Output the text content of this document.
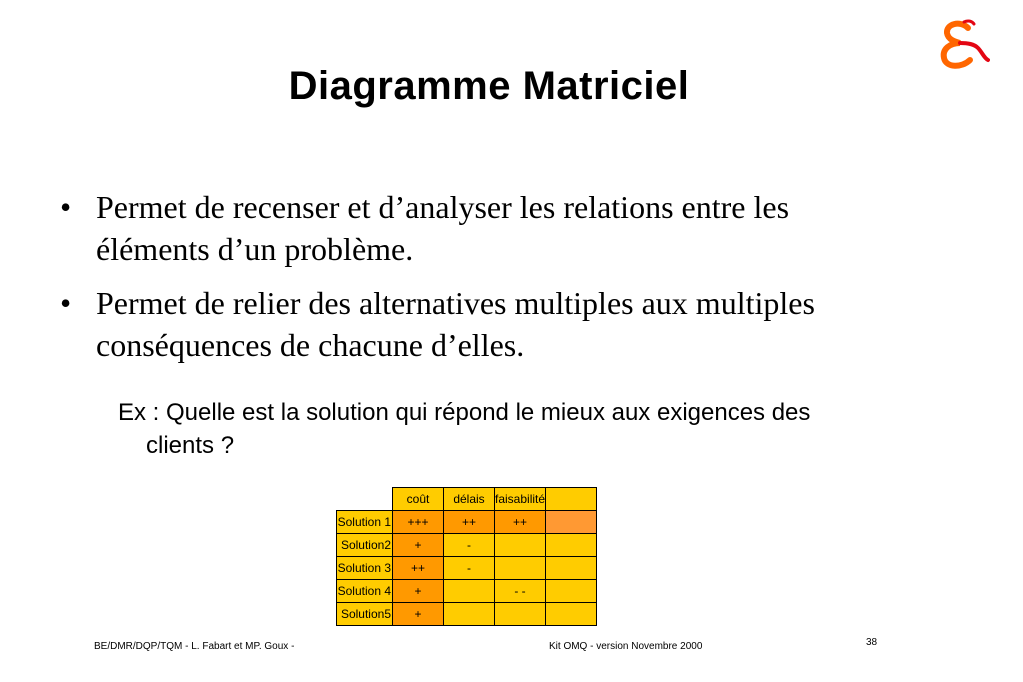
Diagramme Matriciel
• Permet de recenser et d’analyser les relations entre les éléments d’un problème.
• Permet de relier des alternatives multiples aux multiples conséquences de chacune d’elles.
Ex : Quelle est la solution qui répond le mieux aux exigences des clients ?
	coût	délais	faisabilité	
Solution 1	+++	++	++	
Solution2	+	-		
Solution 3	++	-		
Solution 4	+		- -	
Solution5	+			
BE/DMR/DQP/TQM - L. Fabart et MP. Goux -	Kit OMQ - version Novembre 2000	38
